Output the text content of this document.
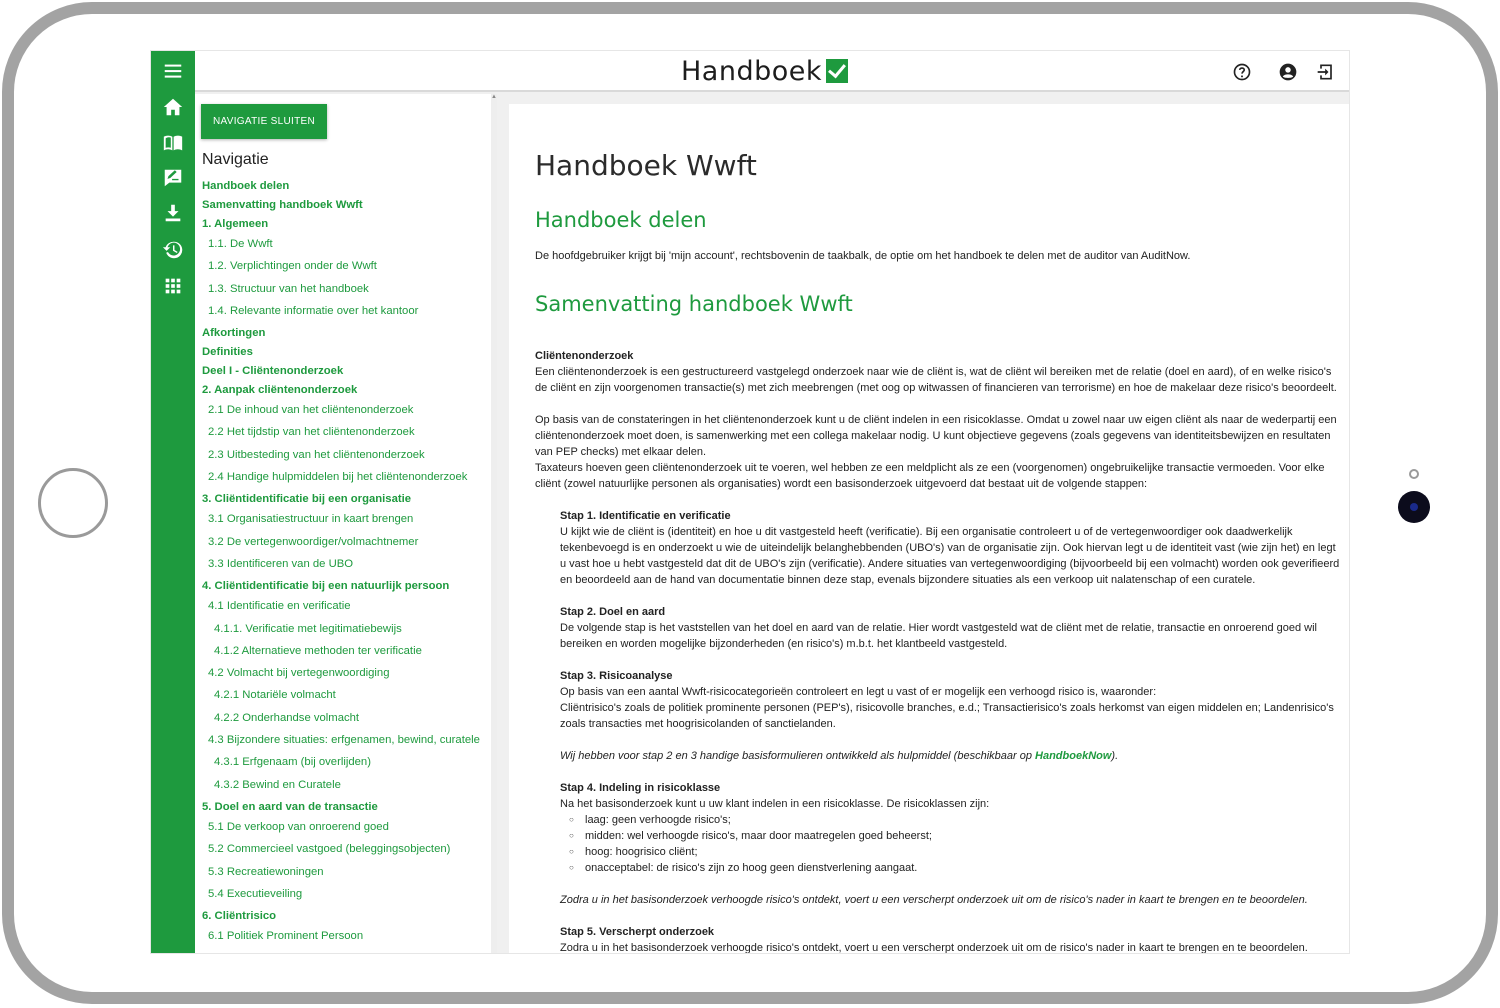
Handboek
NAVIGATIE SLUITEN
Navigatie
Handboek delen
Samenvatting handboek Wwft
1. Algemeen
1.1. De Wwft
1.2. Verplichtingen onder de Wwft
1.3. Structuur van het handboek
1.4. Relevante informatie over het kantoor
Afkortingen
Definities
Deel I - Cliëntenonderzoek
2. Aanpak cliëntenonderzoek
2.1 De inhoud van het cliëntenonderzoek
2.2 Het tijdstip van het cliëntenonderzoek
2.3 Uitbesteding van het cliëntenonderzoek
2.4 Handige hulpmiddelen bij het cliëntenonderzoek
3. Cliëntidentificatie bij een organisatie
3.1 Organisatiestructuur in kaart brengen
3.2 De vertegenwoordiger/volmachtnemer
3.3 Identificeren van de UBO
4. Cliëntidentificatie bij een natuurlijk persoon
4.1 Identificatie en verificatie
4.1.1. Verificatie met legitimatiebewijs
4.1.2 Alternatieve methoden ter verificatie
4.2 Volmacht bij vertegenwoordiging
4.2.1 Notariële volmacht
4.2.2 Onderhandse volmacht
4.3 Bijzondere situaties: erfgenamen, bewind, curatele
4.3.1 Erfgenaam (bij overlijden)
4.3.2 Bewind en Curatele
5. Doel en aard van de transactie
5.1 De verkoop van onroerend goed
5.2 Commercieel vastgoed (beleggingsobjecten)
5.3 Recreatiewoningen
5.4 Executieveiling
6. Cliëntrisico
6.1 Politiek Prominent Persoon
▲
Handboek Wwft
Handboek delen

De hoofdgebruiker krijgt bij 'mijn account', rechtsbovenin de taakbalk, de optie om het handboek te delen met de auditor van AuditNow.

Samenvatting handboek Wwft

Cliëntenonderzoek

Een cliëntenonderzoek is een gestructureerd vastgelegd onderzoek naar wie de cliënt is, wat de cliënt wil bereiken met de relatie (doel en aard), of en welke risico's de cliënt en zijn voorgenomen transactie(s) met zich meebrengen (met oog op witwassen of financieren van terrorisme) en hoe de makelaar deze risico's beoordeelt.

Op basis van de constateringen in het cliëntenonderzoek kunt u de cliënt indelen in een risicoklasse. Omdat u zowel naar uw eigen cliënt als naar de wederpartij een cliëntenonderzoek moet doen, is samenwerking met een collega makelaar nodig. U kunt objectieve gegevens (zoals gegevens van identiteitsbewijzen en resultaten van PEP checks) met elkaar delen.

Taxateurs hoeven geen cliëntenonderzoek uit te voeren, wel hebben ze een meldplicht als ze een (voorgenomen) ongebruikelijke transactie vermoeden. Voor elke cliënt (zowel natuurlijke personen als organisaties) wordt een basisonderzoek uitgevoerd dat bestaat uit de volgende stappen:

Stap 1. Identificatie en verificatie

U kijkt wie de cliënt is (identiteit) en hoe u dit vastgesteld heeft (verificatie). Bij een organisatie controleert u of de vertegenwoordiger ook daadwerkelijk tekenbevoegd is en onderzoekt u wie de uiteindelijk belanghebbenden (UBO's) van de organisatie zijn. Ook hiervan legt u de identiteit vast (wie zijn het) en legt u vast hoe u hebt vastgesteld dat dit de UBO's zijn (verificatie). Andere situaties van vertegenwoordiging (bijvoorbeeld bij een volmacht) worden ook geverifieerd en beoordeeld aan de hand van documentatie binnen deze stap, evenals bijzondere situaties als een verkoop uit nalatenschap of een curatele.

Stap 2. Doel en aard

De volgende stap is het vaststellen van het doel en aard van de relatie. Hier wordt vastgesteld wat de cliënt met de relatie, transactie en onroerend goed wil bereiken en worden mogelijke bijzonderheden (en risico's) m.b.t. het klantbeeld vastgesteld.

Stap 3. Risicoanalyse

Op basis van een aantal Wwft-risicocategorieën controleert en legt u vast of er mogelijk een verhoogd risico is, waaronder:

Cliëntrisico's zoals de politiek prominente personen (PEP's), risicovolle branches, e.d.; Transactierisico's zoals herkomst van eigen middelen en; Landenrisico's zoals transacties met hoogrisicolanden of sanctielanden.

Wij hebben voor stap 2 en 3 handige basisformulieren ontwikkeld als hulpmiddel (beschikbaar op HandboekNow).

Stap 4. Indeling in risicoklasse

Na het basisonderzoek kunt u uw klant indelen in een risicoklasse. De risicoklassen zijn:

○ laag: geen verhoogde risico's;

○ midden: wel verhoogde risico's, maar door maatregelen goed beheerst;

○ hoog: hoogrisico cliënt;

○ onacceptabel: de risico's zijn zo hoog geen dienstverlening aangaat.

Zodra u in het basisonderzoek verhoogde risico's ontdekt, voert u een verscherpt onderzoek uit om de risico's nader in kaart te brengen en te beoordelen.

Stap 5. Verscherpt onderzoek

Zodra u in het basisonderzoek verhoogde risico's ontdekt, voert u een verscherpt onderzoek uit om de risico's nader in kaart te brengen en te beoordelen.
